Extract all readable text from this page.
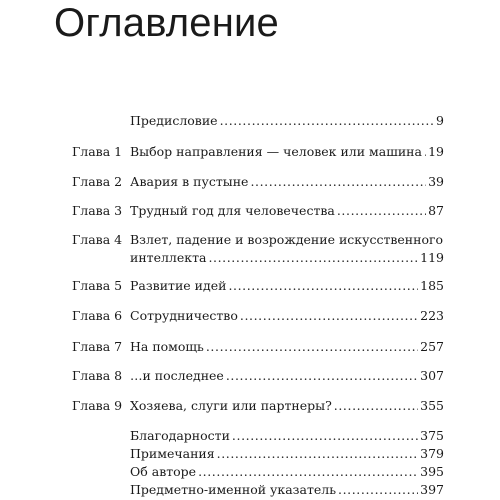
Оглавление
Предисловие .....	9
Глава 1 Выбор направления — человек или машина ..... 19
Глава 2 Авария в пустыне .....	39
Глава 3 Трудный год для человечества .....	87
Глава 4 Взлет, падение и возрождение искусственного
интеллекта .....	119
Глава 5 Развитие идей .....	185
Глава 6 Сотрудничество .....	223
Глава 7 На помощь .....	257
Глава 8 …и последнее .....	307
Глава 9 Хозяева, слуги или партнеры? .....	355
Благодарности .....	375
Примечания .....	379
Об авторе .....	395
Предметно-именной указатель .....	397
